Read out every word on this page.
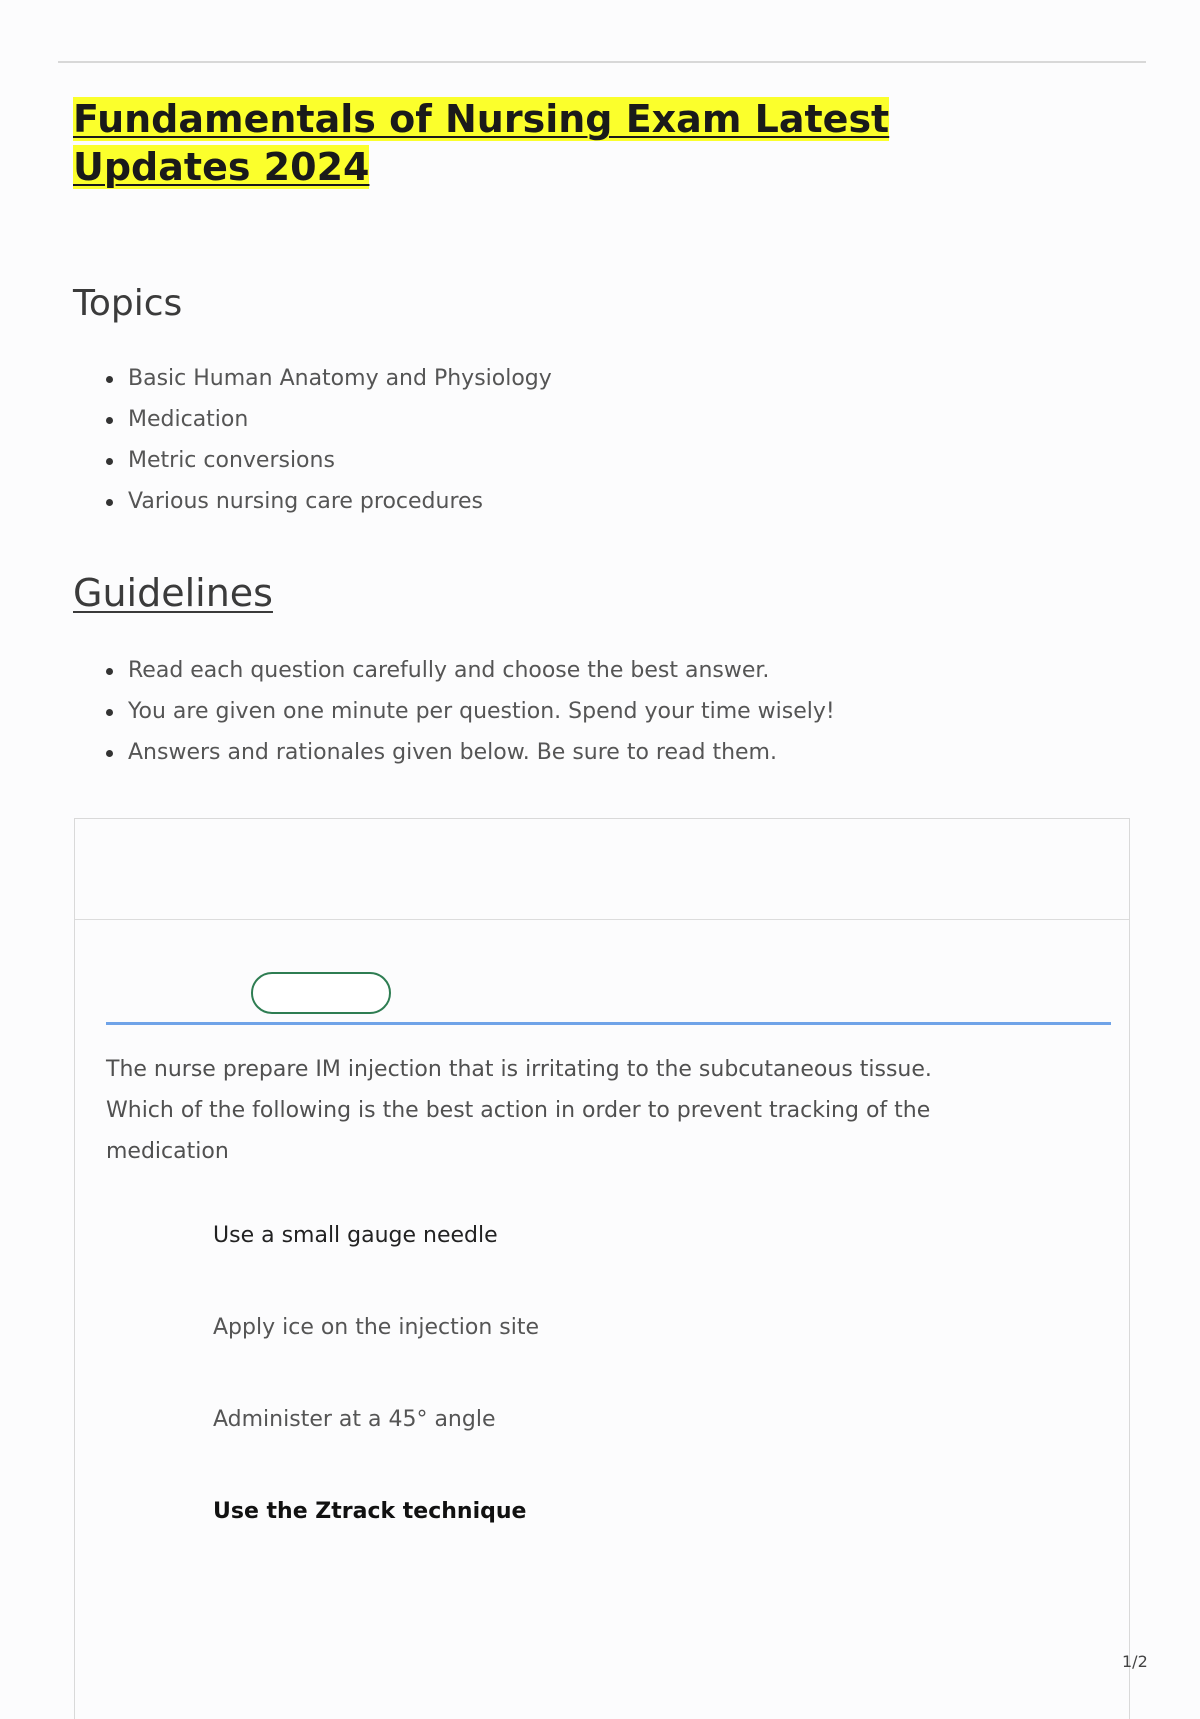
Fundamentals of Nursing Exam Latest Updates 2024
Topics
Basic Human Anatomy and Physiology
Medication
Metric conversions
Various nursing care procedures
Guidelines
Read each question carefully and choose the best answer.
You are given one minute per question. Spend your time wisely!
Answers and rationales given below. Be sure to read them.

The nurse prepare IM injection that is irritating to the subcutaneous tissue. Which of the following is the best action in order to prevent tracking of the medication

Use a small gauge needle
Apply ice on the injection site
Administer at a 45° angle
Use the Ztrack technique
1/2
